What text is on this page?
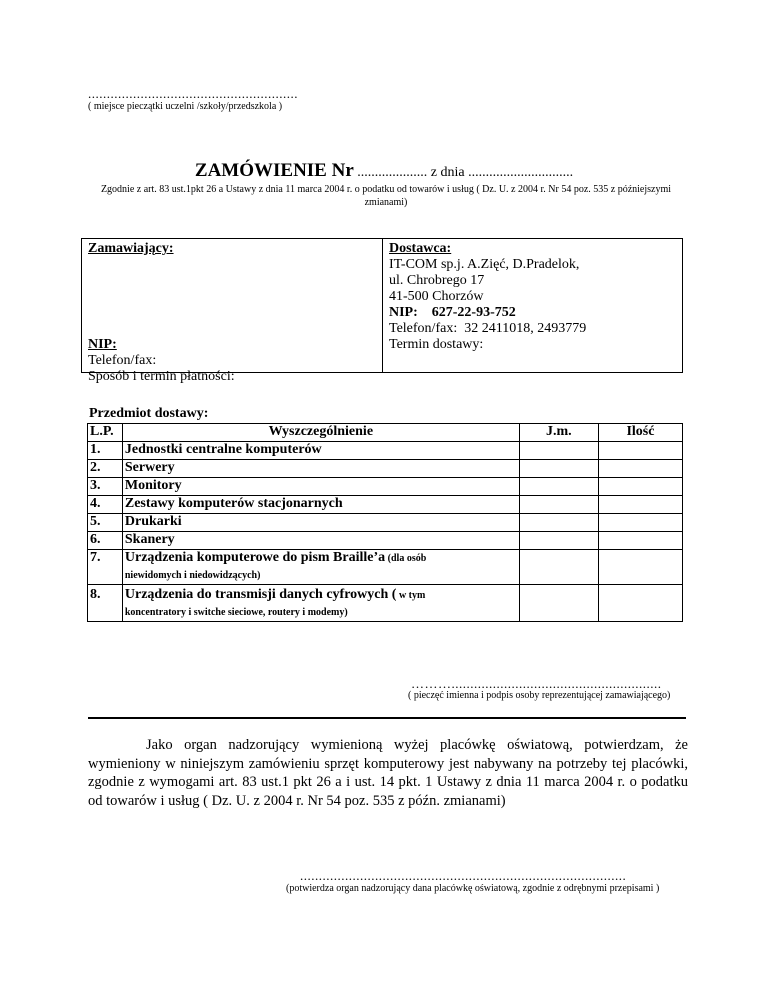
........................................................
( miejsce pieczątki uczelni /szkoły/przedszkola )
ZAMÓWIENIE Nr .................... z dnia ..............................
Zgodnie z art. 83 ust.1pkt 26 a Ustawy z dnia 11 marca 2004 r. o podatku od towarów i usług ( Dz. U. z 2004 r. Nr 54 poz. 535 z późniejszymi zmianami)
Zamawiający:
NIP:
Telefon/fax:
Sposób i termin płatności:
Dostawca:
IT-COM sp.j. A.Zięć, D.Pradelok,
ul. Chrobrego 17
41-500 Chorzów
NIP:    627-22-93-752
Telefon/fax:  32 2411018, 2493779
Termin dostawy:
Przedmiot dostawy:
L.P.	Wyszczególnienie	J.m.	Ilość
1.	Jednostki centralne komputerów		
2.	Serwery		
3.	Monitory		
4.	Zestawy komputerów stacjonarnych		
5.	Drukarki		
6.	Skanery		
7.	Urządzenia komputerowe do pism Braille’a (dla osób
niewidomych i niedowidzących)		
8.	Urządzenia do transmisji danych cyfrowych ( w tym
koncentratory i switche sieciowe, routery i modemy)		
………........................................................
( pieczęć imienna i podpis osoby reprezentującej zamawiającego)
Jako organ nadzorujący wymienioną wyżej placówkę oświatową, potwierdzam, że wymieniony w niniejszym zamówieniu sprzęt komputerowy jest nabywany na potrzeby tej placówki, zgodnie z wymogami art. 83 ust.1 pkt 26 a i ust. 14 pkt. 1 Ustawy z dnia 11 marca 2004 r. o podatku od towarów i usług ( Dz. U. z 2004 r. Nr 54 poz. 535 z późn. zmianami)
.......................................................................................
(potwierdza organ nadzorujący dana placówkę oświatową, zgodnie z odrębnymi przepisami )
